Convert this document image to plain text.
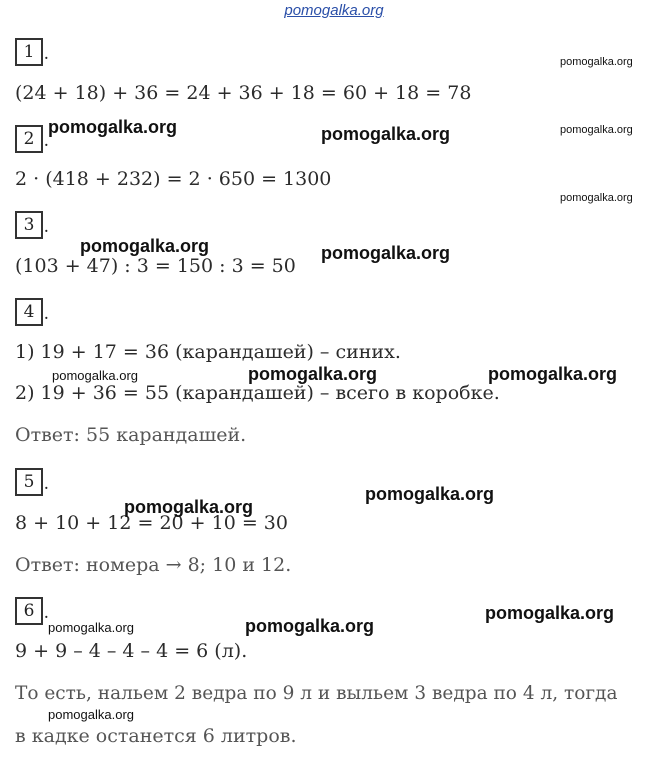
pomogalka.org
1 .
(24 + 18) + 36 = 24 + 36 + 18 = 60 + 18 = 78
2 .
2 · (418 + 232) = 2 · 650 = 1300
3 .
(103 + 47) : 3 = 150 : 3 = 50
4 .
1) 19 + 17 = 36 (карандашей) – синих.
2) 19 + 36 = 55 (карандашей) – всего в коробке.
Ответ: 55 карандашей.
5 .
8 + 10 + 12 = 20 + 10 = 30
Ответ: номера → 8; 10 и 12.
6 .
9 + 9 – 4 – 4 – 4 = 6 (л).
То есть, нальем 2 ведра по 9 л и выльем 3 ведра по 4 л, тогда
в кадке останется 6 литров.
pomogalka.org
pomogalka.org	pomogalka.org	pomogalka.org
pomogalka.org
pomogalka.org	pomogalka.org
pomogalka.org	pomogalka.org	pomogalka.org
pomogalka.org
pomogalka.org
pomogalka.org
pomogalka.org	pomogalka.org
pomogalka.org
